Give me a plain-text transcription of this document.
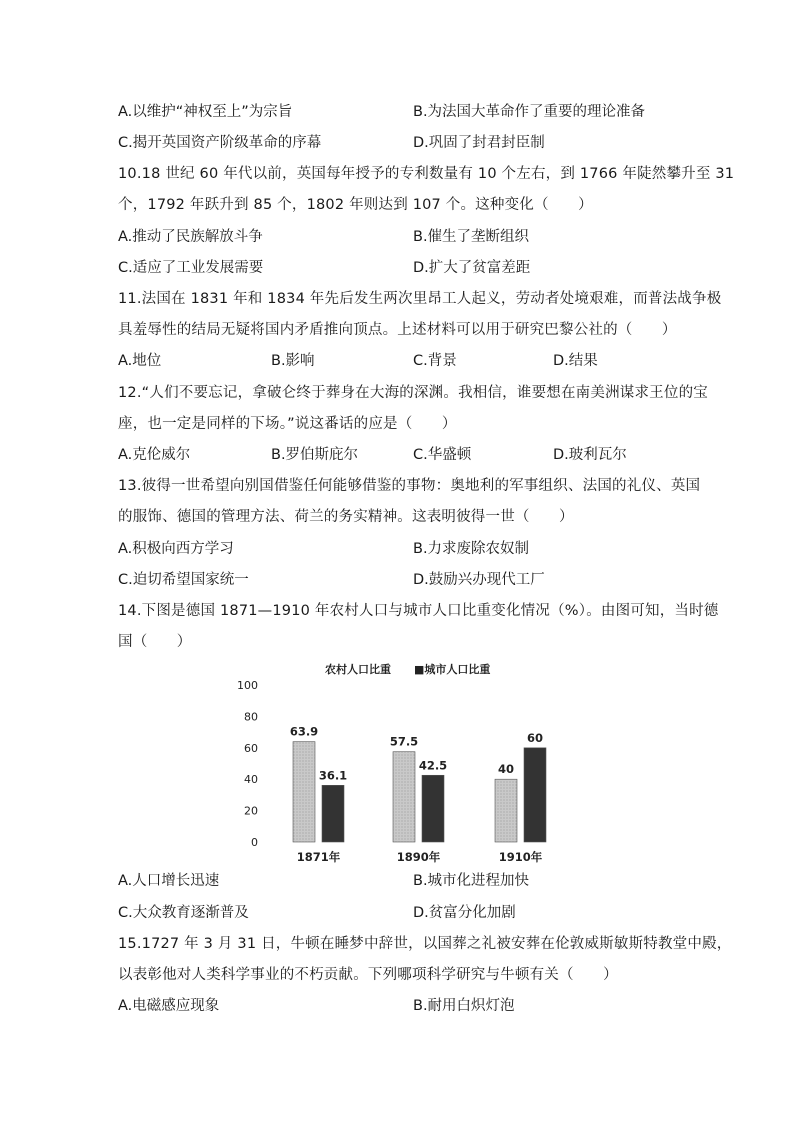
A.以维护“神权至上”为宗旨	B.为法国大革命作了重要的理论准备
C.揭开英国资产阶级革命的序幕	D.巩固了封君封臣制
10.18 世纪 60 年代以前，英国每年授予的专利数量有 10 个左右，到 1766 年陡然攀升至 31
个，1792 年跃升到 85 个，1802 年则达到 107 个。这种变化（　　）
A.推动了民族解放斗争	B.催生了垄断组织
C.适应了工业发展需要	D.扩大了贫富差距
11.法国在 1831 年和 1834 年先后发生两次里昂工人起义，劳动者处境艰难，而普法战争极
具羞辱性的结局无疑将国内矛盾推向顶点。上述材料可以用于研究巴黎公社的（　　）
A.地位	B.影响	C.背景	D.结果
12.“人们不要忘记，拿破仑终于葬身在大海的深渊。我相信，谁要想在南美洲谋求王位的宝
座，也一定是同样的下场。”说这番话的应是（　　）
A.克伦威尔	B.罗伯斯庇尔	C.华盛顿	D.玻利瓦尔
13.彼得一世希望向别国借鉴任何能够借鉴的事物：奥地利的军事组织、法国的礼仪、英国
的服饰、德国的管理方法、荷兰的务实精神。这表明彼得一世（　　）
A.积极向西方学习	B.力求废除农奴制
C.迫切希望国家统一	D.鼓励兴办现代工厂
14.下图是德国 1871—1910 年农村人口与城市人口比重变化情况（%）。由图可知，当时德
国（　　）
农村人口比重 ■城市人口比重
100
80
60
40
20
0
63.9
36.1
57.5
42.5	40
60
1871年	1890年	1910年
A.人口增长迅速	B.城市化进程加快
C.大众教育逐渐普及	D.贫富分化加剧
15.1727 年 3 月 31 日，牛顿在睡梦中辞世，以国葬之礼被安葬在伦敦威斯敏斯特教堂中殿，
以表彰他对人类科学事业的不朽贡献。下列哪项科学研究与牛顿有关（　　）
A.电磁感应现象	B.耐用白炽灯泡
